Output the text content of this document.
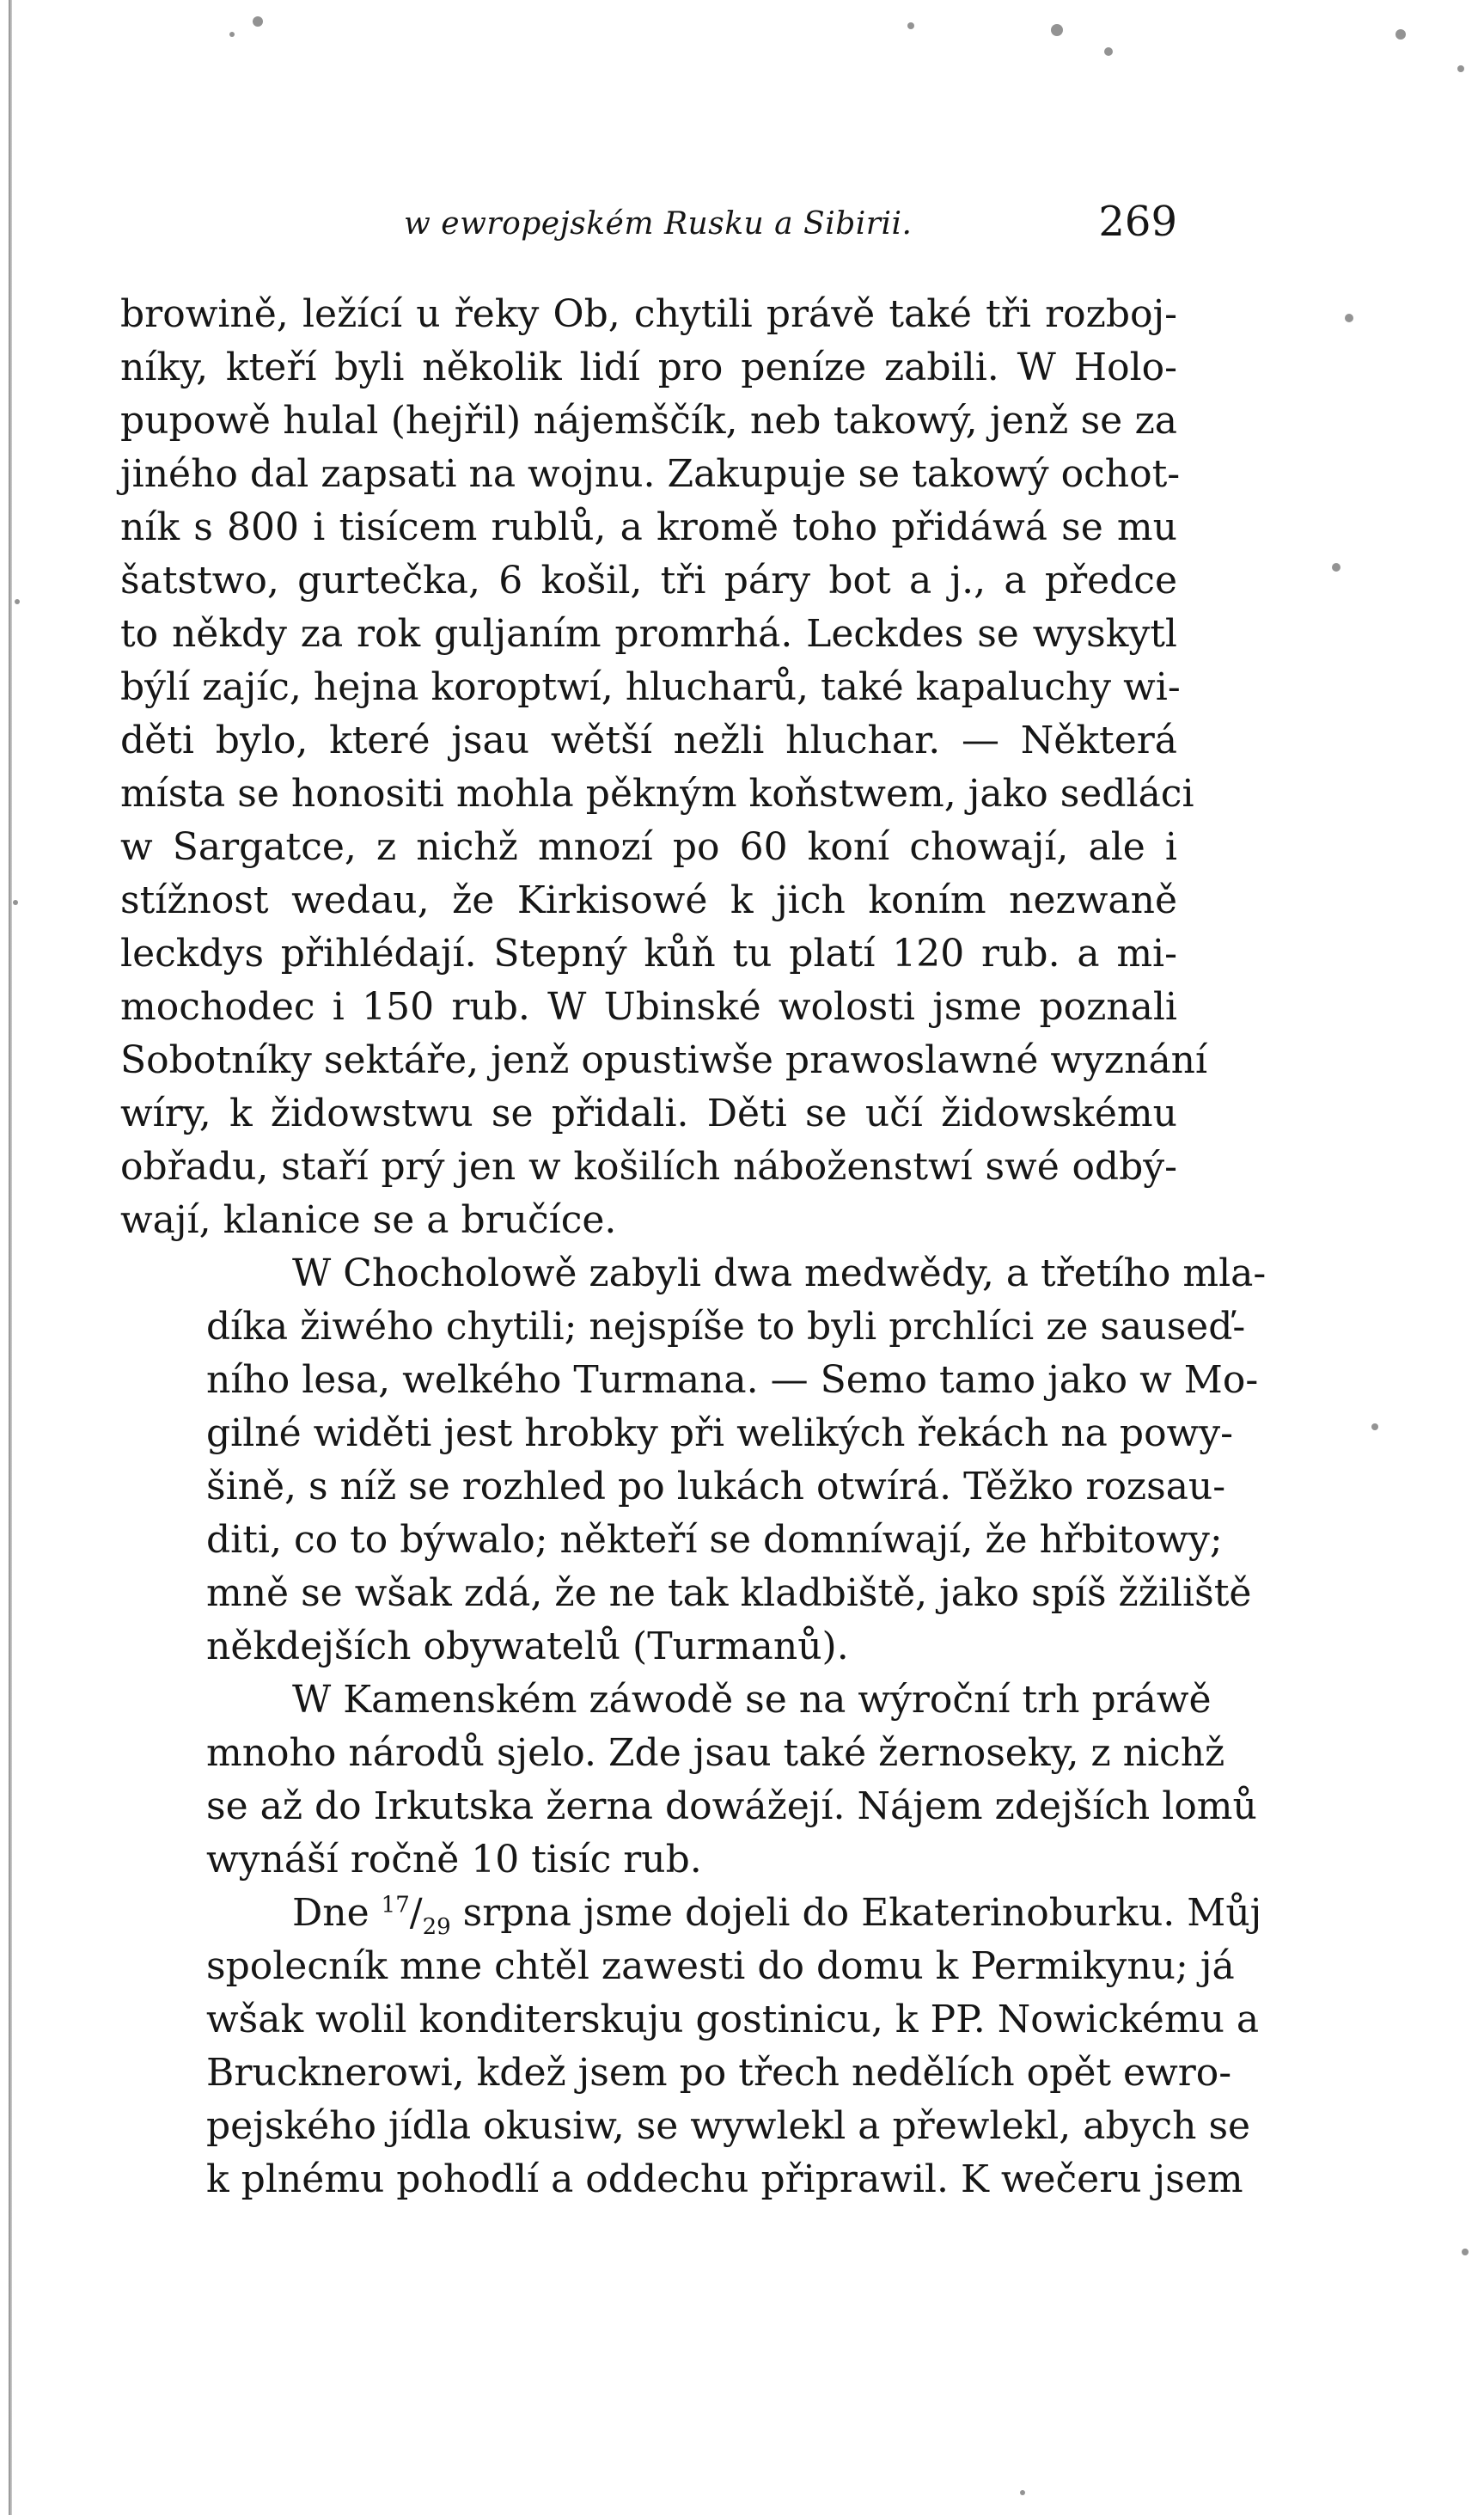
w ewropejském Rusku a Sibirii.	269
browině, ležící u řeky Ob, chytili právě také tři rozboj-
níky, kteří byli několik lidí pro peníze zabili. W Holo-
pupowě hulal (hejřil) nájemščík, neb takowý, jenž se za
jiného dal zapsati na wojnu. Zakupuje se takowý ochot-
ník s 800 i tisícem rublů, a kromě toho přidáwá se mu
šatstwo, gurtečka, 6 košil, tři páry bot a j., a předce
to někdy za rok guljaním promrhá. Leckdes se wyskytl
býlí zajíc, hejna koroptwí, hlucharů, také kapaluchy wi-
děti bylo, které jsau wětší nežli hluchar. — Některá
místa se honositi mohla pěkným koňstwem, jako sedláci
w Sargatce, z nichž mnozí po 60 koní chowají, ale i
stížnost wedau, že Kirkisowé k jich koním nezwaně
leckdys přihlédají. Stepný kůň tu platí 120 rub. a mi-
mochodec i 150 rub. W Ubinské wolosti jsme poznali
Sobotníky sektáře, jenž opustiwše prawoslawné wyznání
wíry, k židowstwu se přidali. Děti se učí židowskému
obřadu, staří prý jen w košilích náboženstwí swé odbý-
wají, klanice se a bručíce.
W Chocholowě zabyli dwa medwědy, a třetího mla-
díka žiwého chytili; nejspíše to byli prchlíci ze sauseď-
ního lesa, welkého Turmana. — Semo tamo jako w Mo-
gilné widěti jest hrobky při welikých řekách na powy-
šině, s níž se rozhled po lukách otwírá. Těžko rozsau-
diti, co to býwalo; někteří se domníwají, že hřbitowy;
mně se wšak zdá, že ne tak kladbiště, jako spíš žžiliště
někdejších obywatelů (Turmanů).
W Kamenském záwodě se na wýroční trh práwě
mnoho národů sjelo. Zde jsau také žernoseky, z nichž
se až do Irkutska žerna dowážejí. Nájem zdejších lomů
wynáší ročně 10 tisíc rub.
Dne $^{17}/_{29}$ srpna jsme dojeli do Ekaterinoburku. Můj
spolecník mne chtěl zawesti do domu k Permikynu; já
wšak wolil konditerskuju gostinicu, k PP. Nowickému a
Brucknerowi, kdež jsem po třech nedělích opět ewro-
pejského jídla okusiw, se wywlekl a přewlekl, abych se
k plnému pohodlí a oddechu připrawil. K wečeru jsem
